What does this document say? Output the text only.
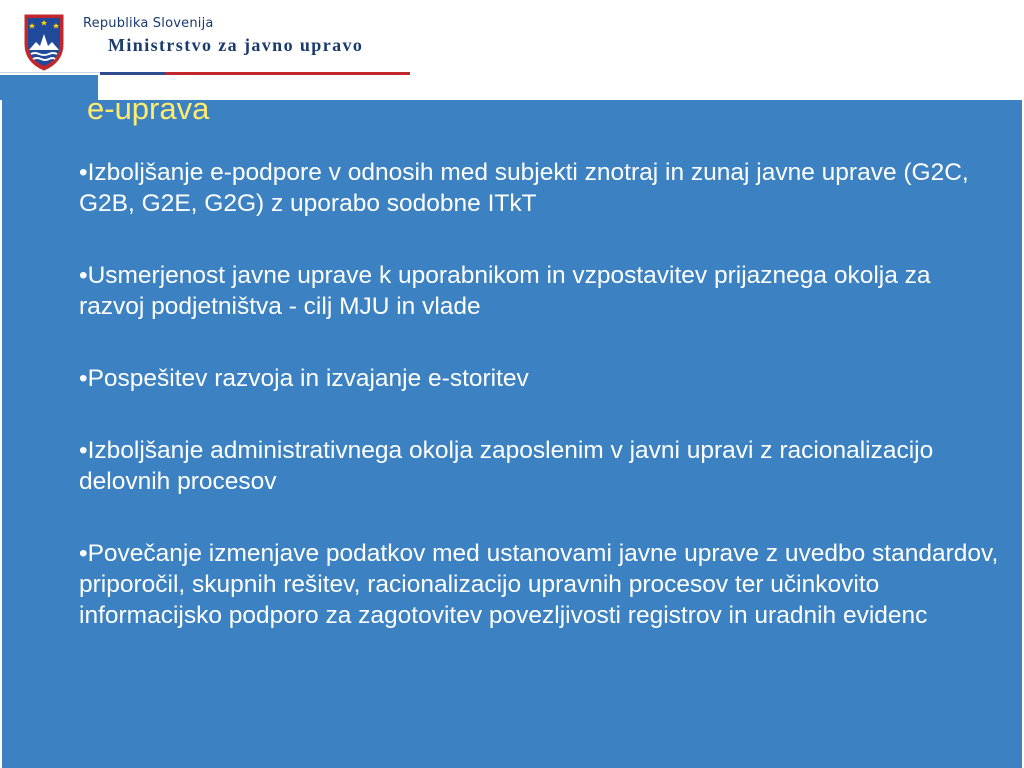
Republika Slovenija
Ministrstvo za javno upravo
e-uprava
•Izboljšanje e-podpore v odnosih med subjekti znotraj in zunaj javne uprave (G2C, G2B, G2E, G2G) z uporabo sodobne ITkT
•Usmerjenost javne uprave k uporabnikom in vzpostavitev prijaznega okolja za razvoj podjetništva - cilj MJU in vlade
•Pospešitev razvoja in izvajanje e-storitev
•Izboljšanje administrativnega okolja zaposlenim v javni upravi z racionalizacijo delovnih procesov
•Povečanje izmenjave podatkov med ustanovami javne uprave z uvedbo standardov, priporočil, skupnih rešitev, racionalizacijo upravnih procesov ter učinkovito informacijsko podporo za zagotovitev povezljivosti registrov in uradnih evidenc
